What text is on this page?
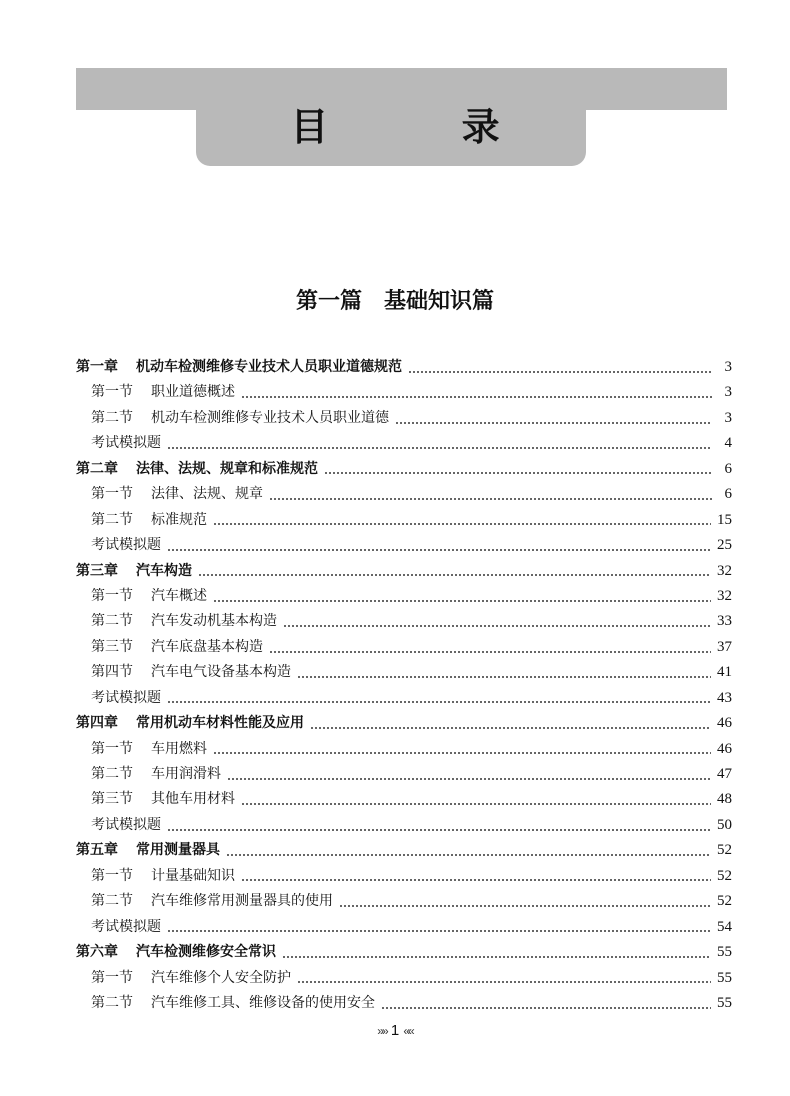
目 录
第一篇　基础知识篇
第一章 机动车检测维修专业技术人员职业道德规范	3
第一节 职业道德概述	3
第二节 机动车检测维修专业技术人员职业道德	3
考试模拟题	4
第二章 法律、法规、规章和标准规范	6
第一节 法律、法规、规章	6
第二节 标准规范	15
考试模拟题	25
第三章 汽车构造	32
第一节 汽车概述	32
第二节 汽车发动机基本构造	33
第三节 汽车底盘基本构造	37
第四节 汽车电气设备基本构造	41
考试模拟题	43
第四章 常用机动车材料性能及应用	46
第一节 车用燃料	46
第二节 车用润滑料	47
第三节 其他车用材料	48
考试模拟题	50
第五章 常用测量器具	52
第一节 计量基础知识	52
第二节 汽车维修常用测量器具的使用	52
考试模拟题	54
第六章 汽车检测维修安全常识	55
第一节 汽车维修个人安全防护	55
第二节 汽车维修工具、维修设备的使用安全	55
»» 1 ««
